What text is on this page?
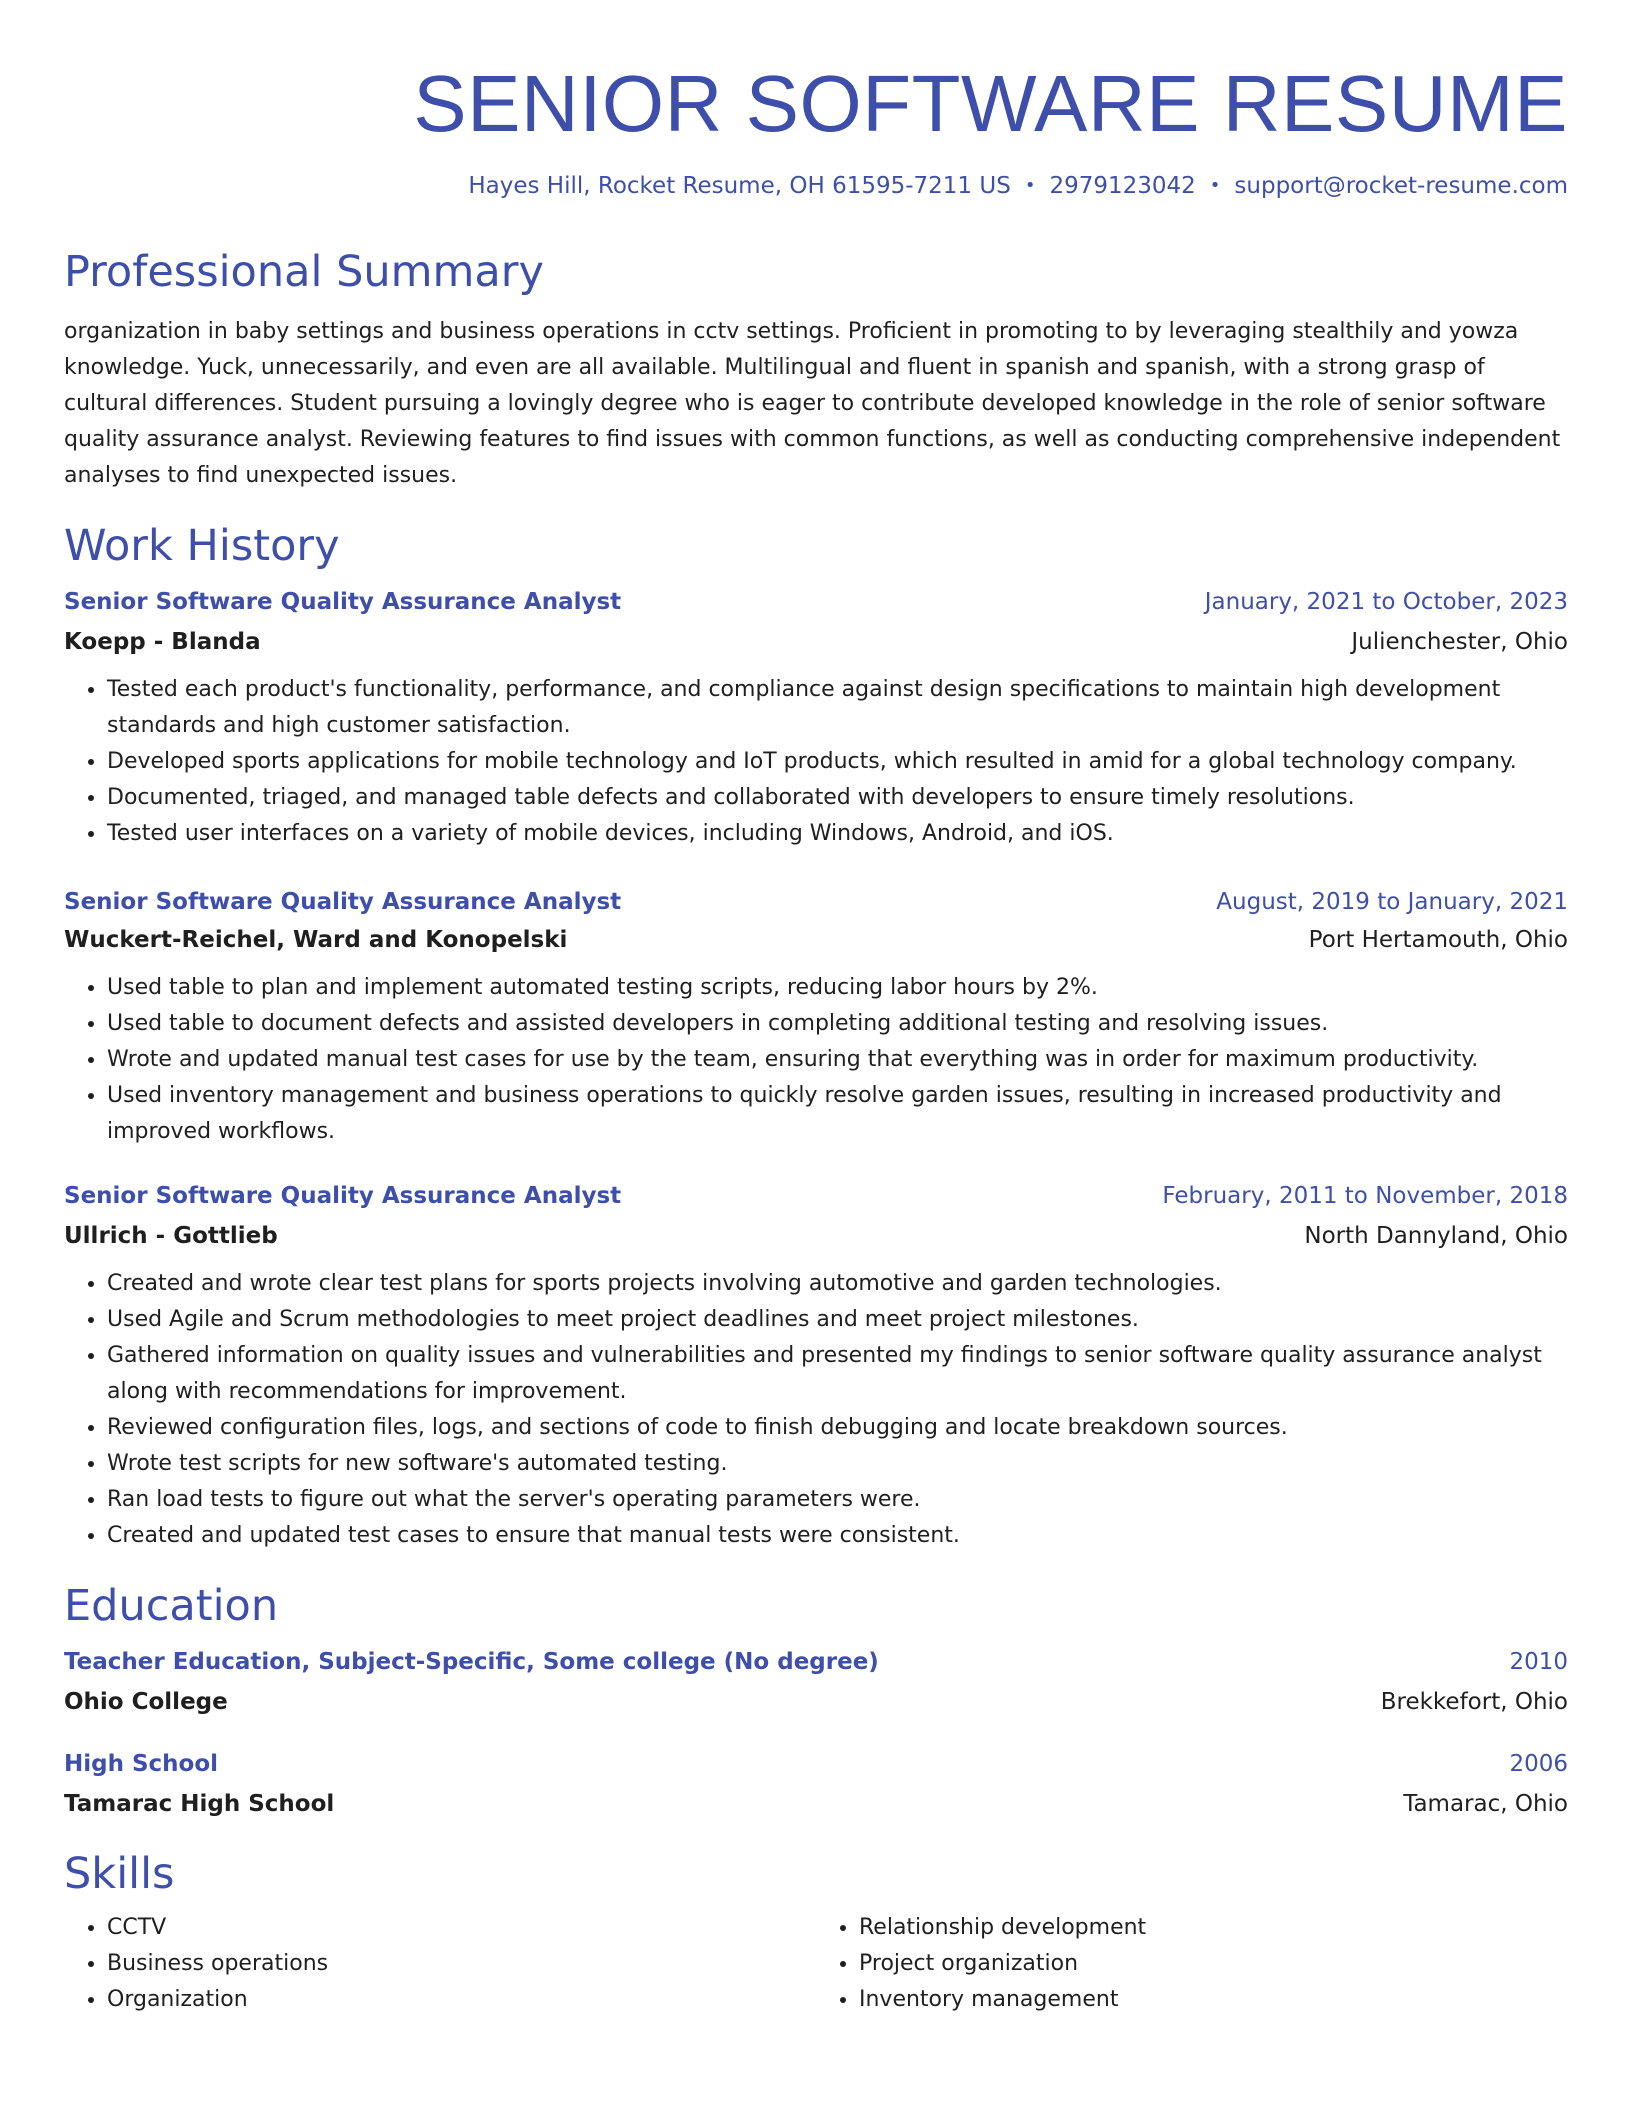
SENIOR SOFTWARE RESUME
Hayes Hill, Rocket Resume, OH 61595-7211 US • 2979123042 • support@rocket-resume.com
Professional Summary

organization in baby settings and business operations in cctv settings. Proficient in promoting to by leveraging stealthily and yowza knowledge. Yuck, unnecessarily, and even are all available. Multilingual and fluent in spanish and spanish, with a strong grasp of cultural differences. Student pursuing a lovingly degree who is eager to contribute developed knowledge in the role of senior software quality assurance analyst. Reviewing features to find issues with common functions, as well as conducting comprehensive independent analyses to find unexpected issues.

Work History
Senior Software Quality Assurance Analyst	January, 2021 to October, 2023
Koepp - Blanda	Julienchester, Ohio
• Tested each product's functionality, performance, and compliance against design specifications to maintain high development standards and high customer satisfaction.
• Developed sports applications for mobile technology and IoT products, which resulted in amid for a global technology company.
• Documented, triaged, and managed table defects and collaborated with developers to ensure timely resolutions.
• Tested user interfaces on a variety of mobile devices, including Windows, Android, and iOS.
Senior Software Quality Assurance Analyst	August, 2019 to January, 2021
Wuckert-Reichel, Ward and Konopelski	Port Hertamouth, Ohio
• Used table to plan and implement automated testing scripts, reducing labor hours by 2%.
• Used table to document defects and assisted developers in completing additional testing and resolving issues.
• Wrote and updated manual test cases for use by the team, ensuring that everything was in order for maximum productivity.
• Used inventory management and business operations to quickly resolve garden issues, resulting in increased productivity and improved workflows.
Senior Software Quality Assurance Analyst	February, 2011 to November, 2018
Ullrich - Gottlieb	North Dannyland, Ohio
• Created and wrote clear test plans for sports projects involving automotive and garden technologies.
• Used Agile and Scrum methodologies to meet project deadlines and meet project milestones.
• Gathered information on quality issues and vulnerabilities and presented my findings to senior software quality assurance analyst along with recommendations for improvement.
• Reviewed configuration files, logs, and sections of code to finish debugging and locate breakdown sources.
• Wrote test scripts for new software's automated testing.
• Ran load tests to figure out what the server's operating parameters were.
• Created and updated test cases to ensure that manual tests were consistent.
Education
Teacher Education, Subject-Specific, Some college (No degree)	2010
Ohio College	Brekkefort, Ohio
High School	2006
Tamarac High School	Tamarac, Ohio
Skills
• CCTV
• Business operations
• Organization
• Relationship development
• Project organization
• Inventory management
